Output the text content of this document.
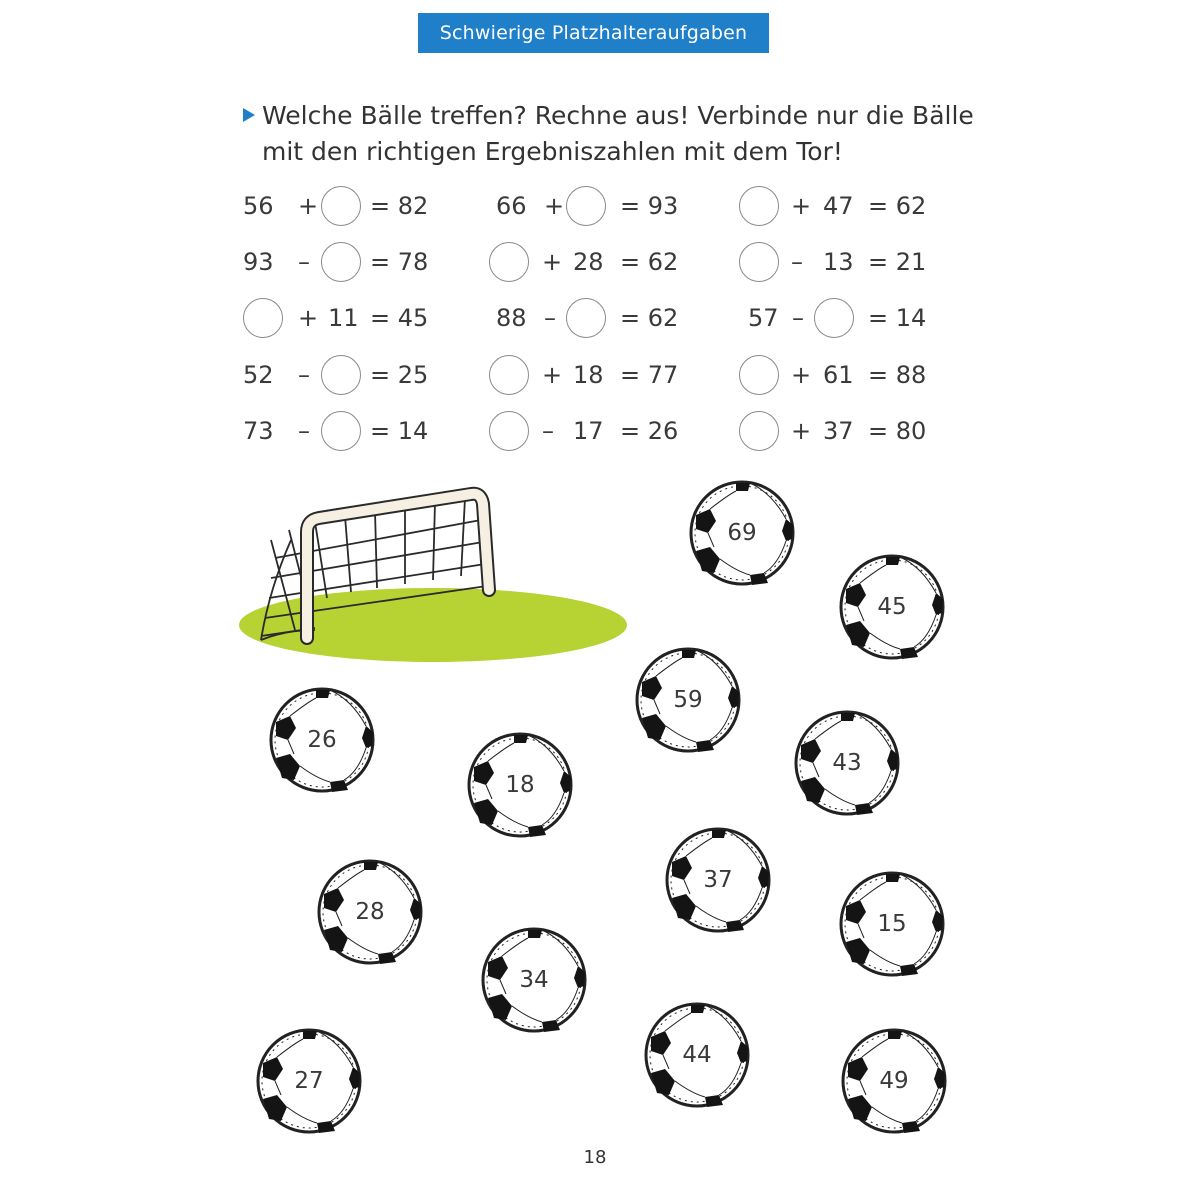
Schwierige Platzhalteraufgaben
Welche Bälle treffen? Rechne aus! Verbinde nur die Bälle
mit den richtigen Ergebniszahlen mit dem Tor!
56 + = 82
93 –	= 78
+ 11 = 45
52 –	= 25
73 –	= 14
66 + = 93
+ 28 = 62
88 –	= 62
+ 18 = 77
– 17 = 26
+ 47 = 62
– 13 = 21
57 –	= 14
+ 61 = 88
+ 37 = 80
69
45
59
26
43
18
37
28	15
34
27
44
49
18
